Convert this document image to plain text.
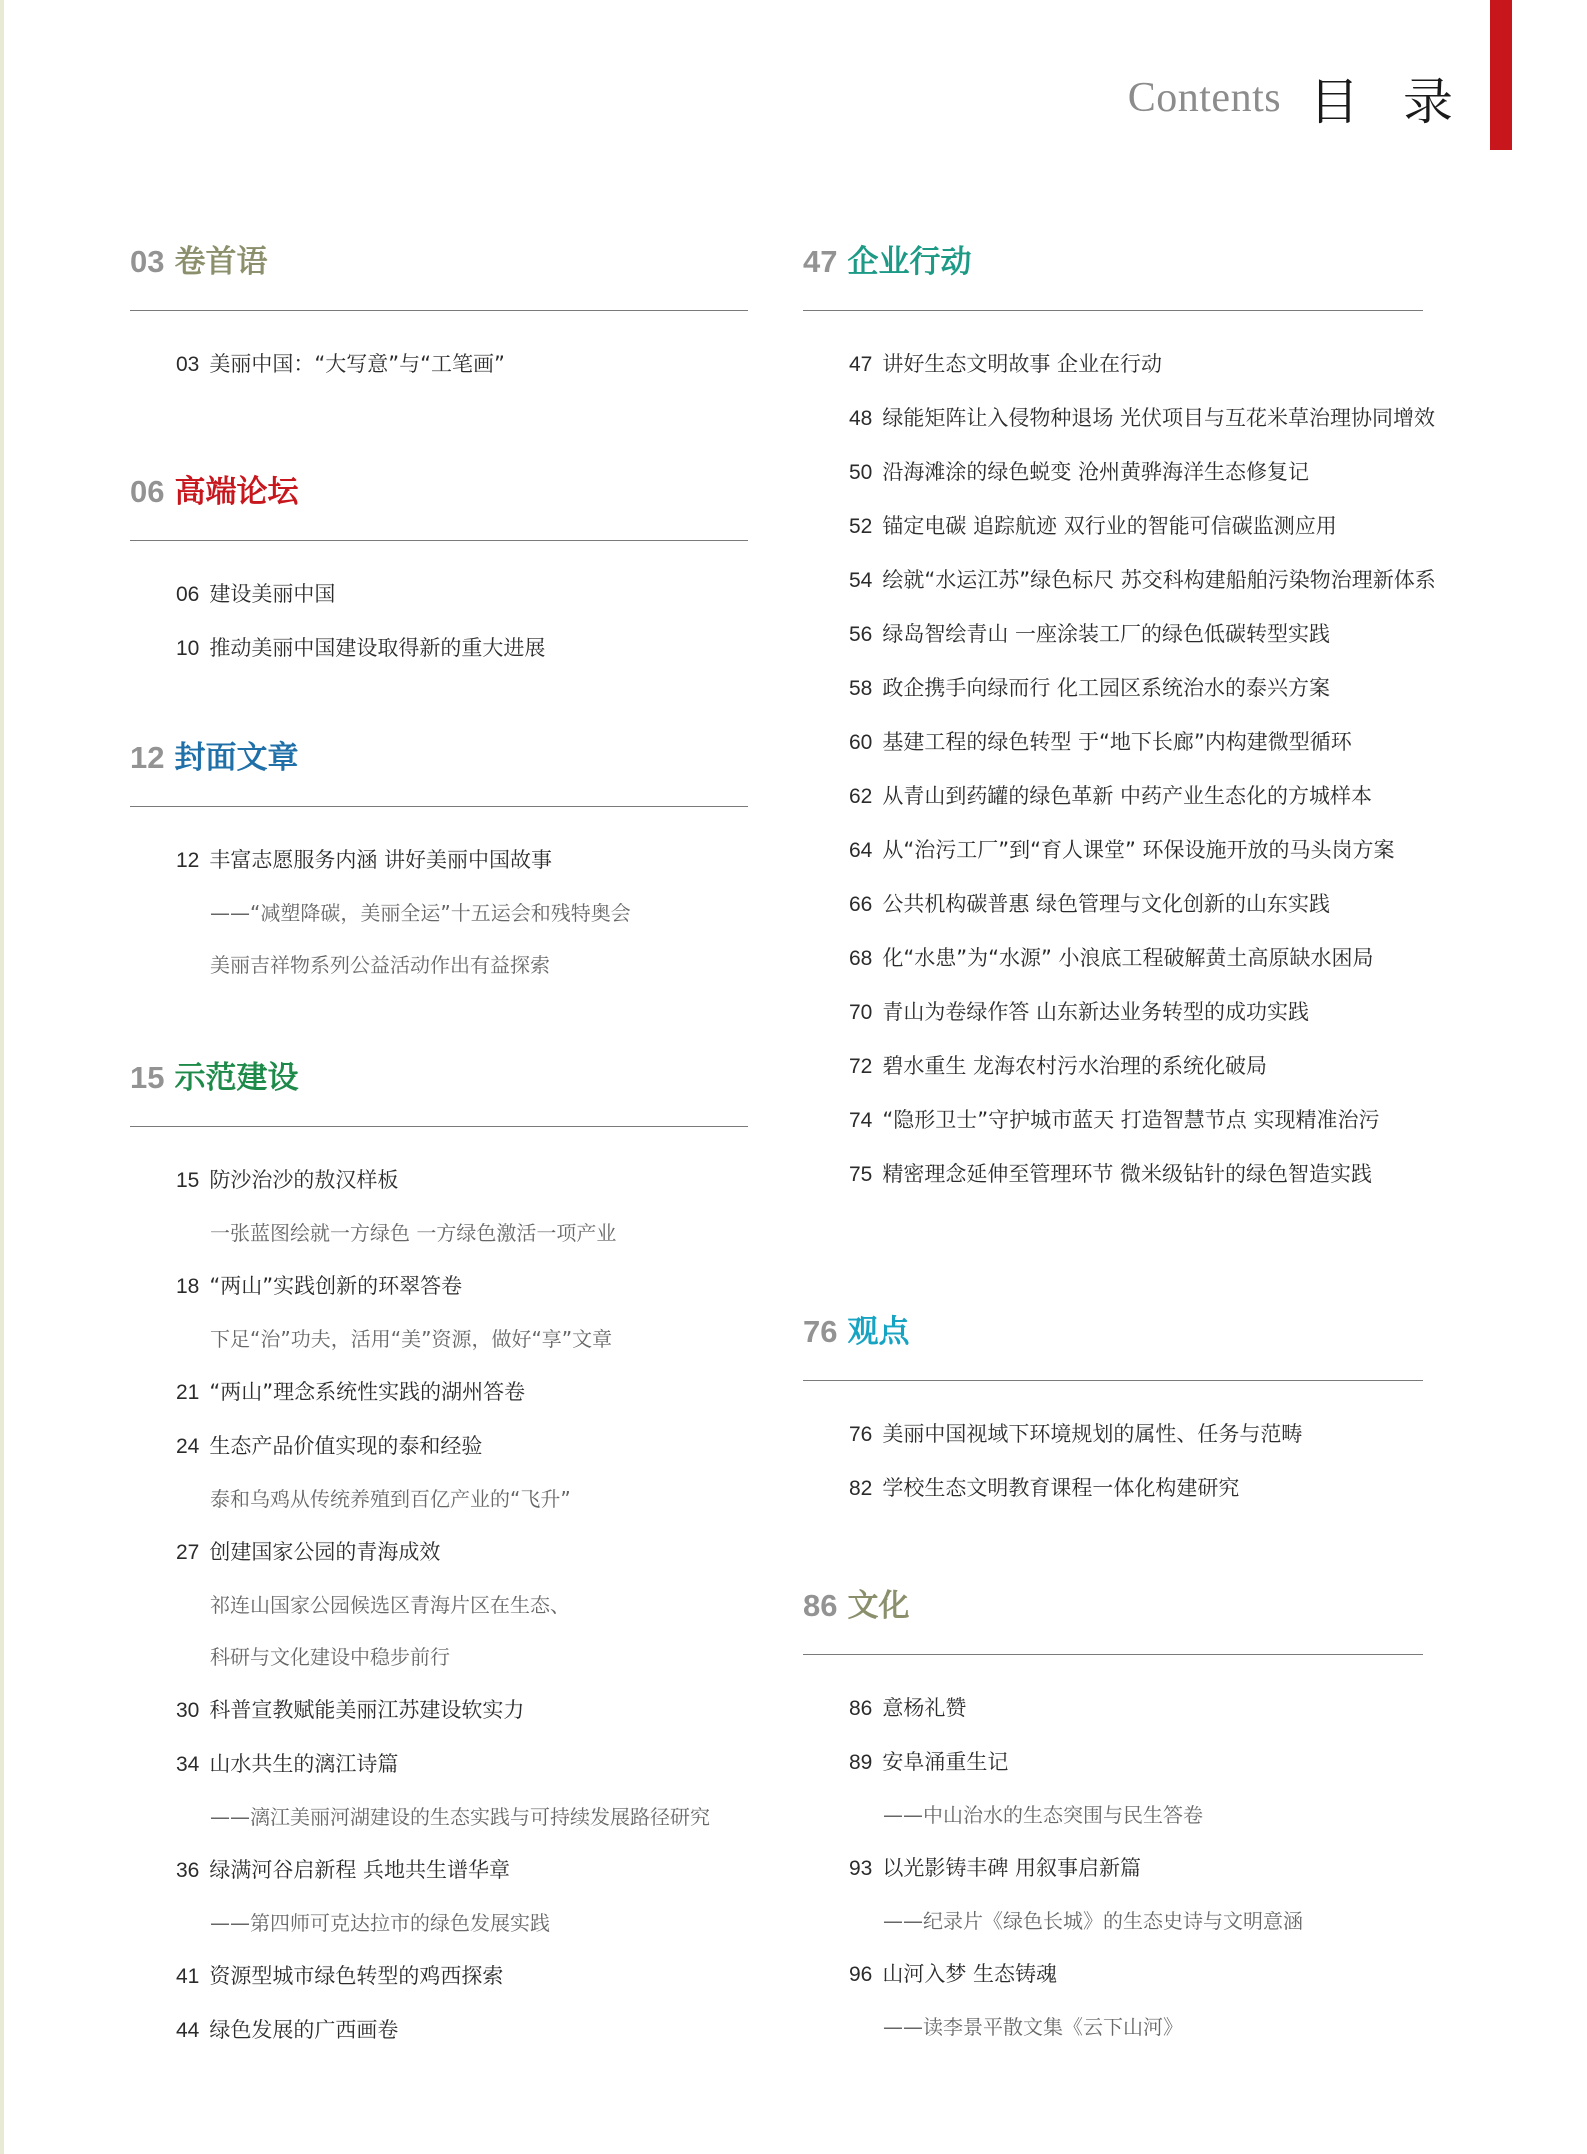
Contents 目 录
03 卷首语
03 美丽中国：“大写意”与“工笔画”
06 高端论坛
06 建设美丽中国
10 推动美丽中国建设取得新的重大进展
12 封面文章
12 丰富志愿服务内涵 讲好美丽中国故事
——“减塑降碳，美丽全运”十五运会和残特奥会
美丽吉祥物系列公益活动作出有益探索
15 示范建设
15 防沙治沙的敖汉样板
一张蓝图绘就一方绿色 一方绿色激活一项产业
18 “两山”实践创新的环翠答卷
下足“治”功夫，活用“美”资源，做好“享”文章
21 “两山”理念系统性实践的湖州答卷
24 生态产品价值实现的泰和经验
泰和乌鸡从传统养殖到百亿产业的“飞升”
27 创建国家公园的青海成效
祁连山国家公园候选区青海片区在生态、
科研与文化建设中稳步前行
30 科普宣教赋能美丽江苏建设软实力
34 山水共生的漓江诗篇
——漓江美丽河湖建设的生态实践与可持续发展路径研究
36 绿满河谷启新程 兵地共生谱华章
——第四师可克达拉市的绿色发展实践
41 资源型城市绿色转型的鸡西探索
44 绿色发展的广西画卷
47 企业行动
47 讲好生态文明故事 企业在行动
48 绿能矩阵让入侵物种退场 光伏项目与互花米草治理协同增效
50 沿海滩涂的绿色蜕变 沧州黄骅海洋生态修复记
52 锚定电碳 追踪航迹 双行业的智能可信碳监测应用
54 绘就“水运江苏”绿色标尺 苏交科构建船舶污染物治理新体系
56 绿岛智绘青山 一座涂装工厂的绿色低碳转型实践
58 政企携手向绿而行 化工园区系统治水的泰兴方案
60 基建工程的绿色转型 于“地下长廊”内构建微型循环
62 从青山到药罐的绿色革新 中药产业生态化的方城样本
64 从“治污工厂”到“育人课堂” 环保设施开放的马头岗方案
66 公共机构碳普惠 绿色管理与文化创新的山东实践
68 化“水患”为“水源” 小浪底工程破解黄土高原缺水困局
70 青山为卷绿作答 山东新达业务转型的成功实践
72 碧水重生 龙海农村污水治理的系统化破局
74 “隐形卫士”守护城市蓝天 打造智慧节点 实现精准治污
75 精密理念延伸至管理环节 微米级钻针的绿色智造实践
76 观点
76 美丽中国视域下环境规划的属性、任务与范畴
82 学校生态文明教育课程一体化构建研究
86 文化
86 意杨礼赞
89 安阜涌重生记
——中山治水的生态突围与民生答卷
93 以光影铸丰碑 用叙事启新篇
——纪录片《绿色长城》的生态史诗与文明意涵
96 山河入梦 生态铸魂
——读李景平散文集《云下山河》
